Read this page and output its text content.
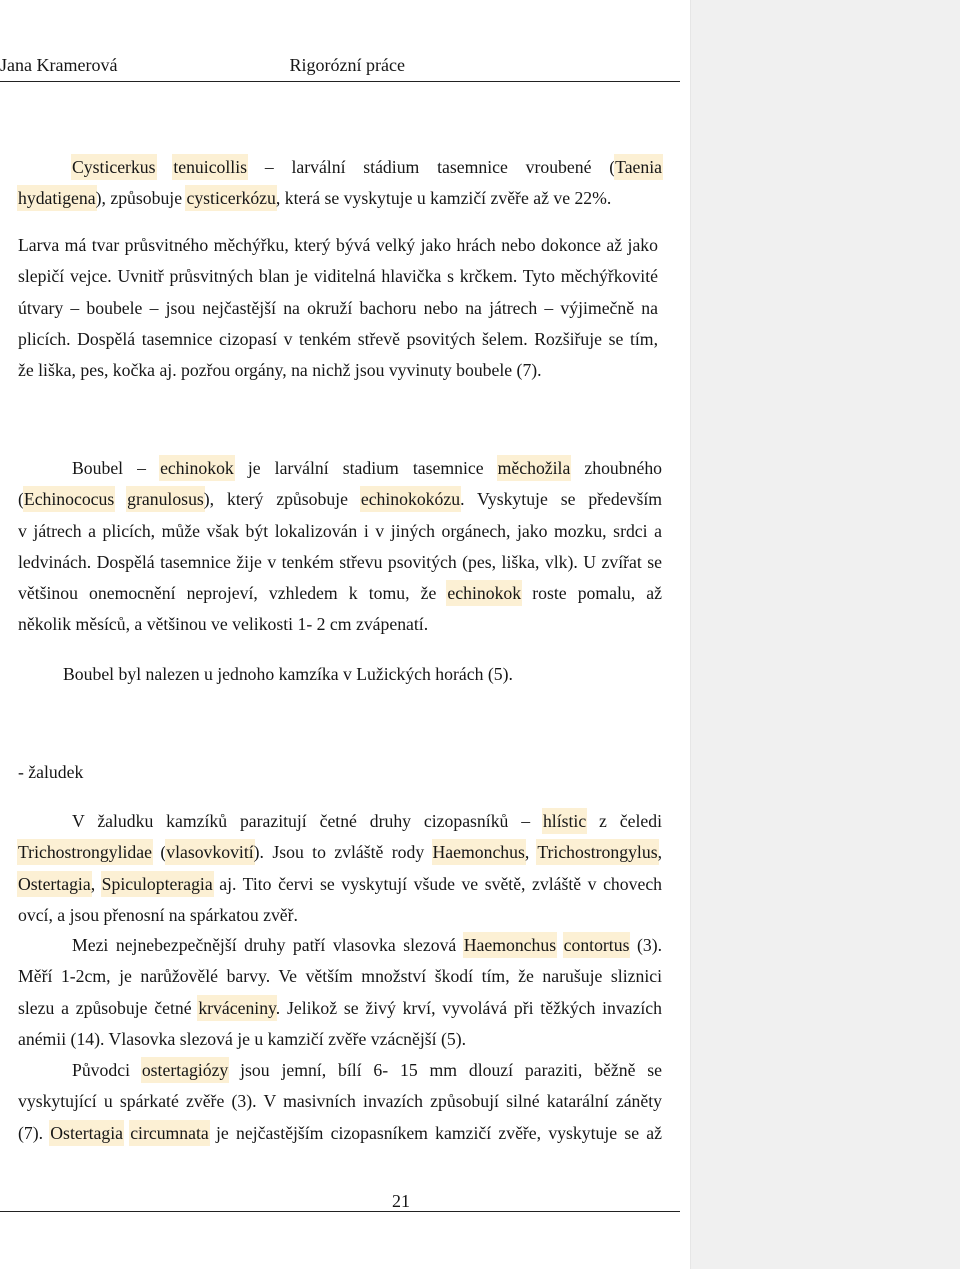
Jana Kramerová	Rigorózní práce
Cysticerkus tenuicollis – larvální stádium tasemnice vroubené (Taenia
hydatigena), způsobuje cysticerkózu, která se vyskytuje u kamzičí zvěře až ve 22%.
Larva má tvar průsvitného měchýřku, který bývá velký jako hrách nebo dokonce až jako
slepičí vejce. Uvnitř průsvitných blan je viditelná hlavička s krčkem. Tyto měchýřkovité
útvary – boubele – jsou nejčastější na okruží bachoru nebo na játrech – výjimečně na
plicích. Dospělá tasemnice cizopasí v tenkém střevě psovitých šelem. Rozšiřuje se tím,
že liška, pes, kočka aj. pozřou orgány, na nichž jsou vyvinuty boubele (7).
Boubel – echinokok je larvální stadium tasemnice měchožila zhoubného
(Echinococus granulosus), který způsobuje echinokokózu. Vyskytuje se především
v játrech a plicích, může však být lokalizován i v jiných orgánech, jako mozku, srdci a
ledvinách. Dospělá tasemnice žije v tenkém střevu psovitých (pes, liška, vlk). U zvířat se
většinou onemocnění neprojeví, vzhledem k tomu, že echinokok roste pomalu, až
několik měsíců, a většinou ve velikosti 1- 2 cm zvápenatí.
Boubel byl nalezen u jednoho kamzíka v Lužických horách (5).
- žaludek
V žaludku kamzíků parazitují četné druhy cizopasníků – hlístic z čeledi
Trichostrongylidae (vlasovkovití). Jsou to zvláště rody Haemonchus, Trichostrongylus,
Ostertagia, Spiculopteragia aj. Tito červi se vyskytují všude ve světě, zvláště v chovech
ovcí, a jsou přenosní na spárkatou zvěř.
Mezi nejnebezpečnější druhy patří vlasovka slezová Haemonchus contortus (3).
Měří 1-2cm, je narůžovělé barvy. Ve větším množství škodí tím, že narušuje sliznici
slezu a způsobuje četné krváceniny. Jelikož se živý krví, vyvolává při těžkých invazích
anémii (14). Vlasovka slezová je u kamzičí zvěře vzácnější (5).
Původci ostertagiózy jsou jemní, bílí 6- 15 mm dlouzí paraziti, běžně se
vyskytující u spárkaté zvěře (3). V masivních invazích způsobují silné katarální záněty
(7). Ostertagia circumnata je nejčastějším cizopasníkem kamzičí zvěře, vyskytuje se až
21
